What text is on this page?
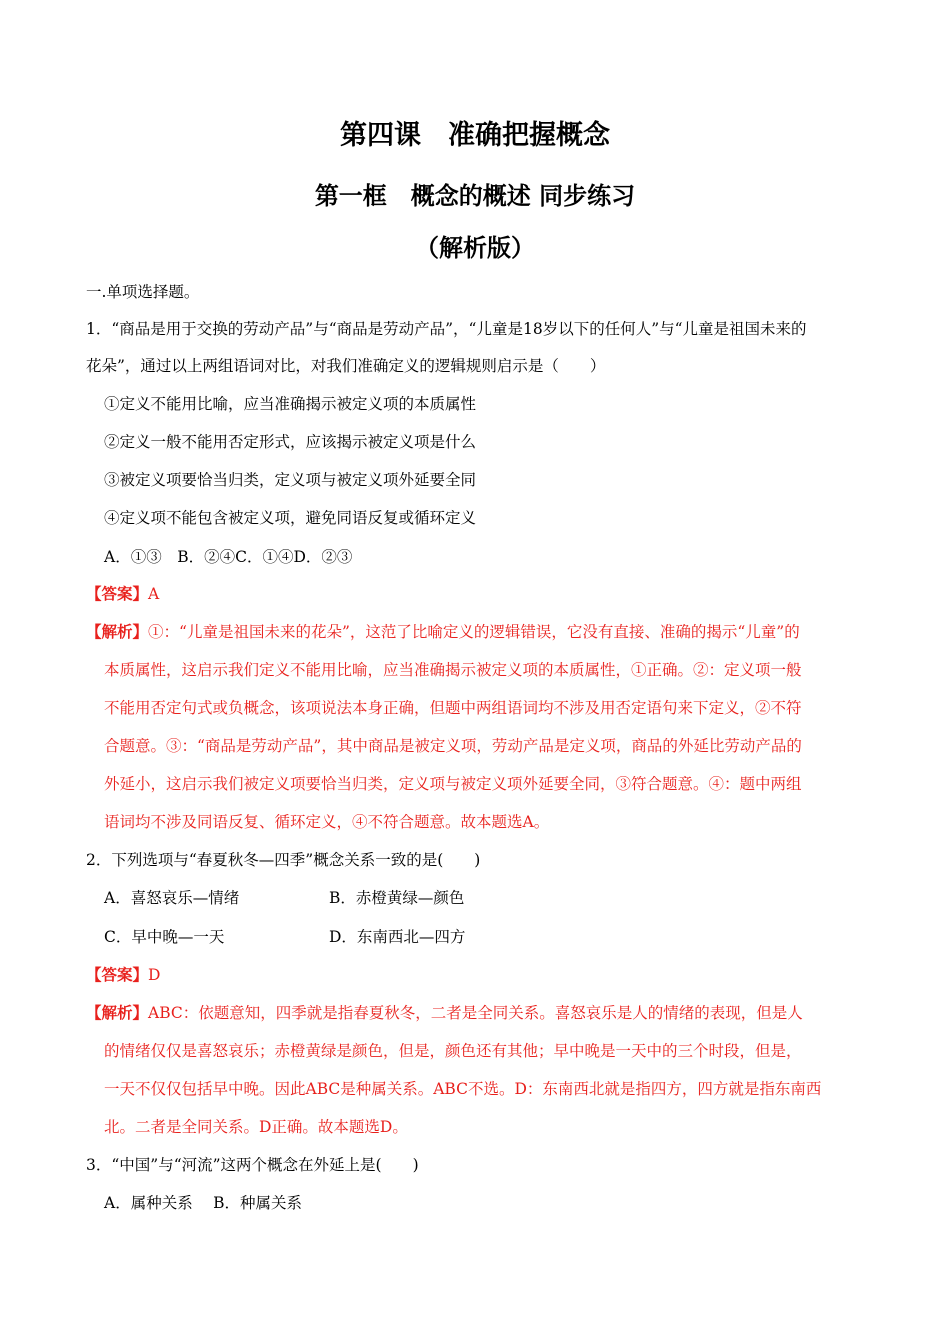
第四课　准确把握概念
第一框　概念的概述 同步练习
（解析版）
一.单项选择题。
1．“商品是用于交换的劳动产品”与“商品是劳动产品”，“儿童是18岁以下的任何人”与“儿童是祖国未来的
花朵”，通过以上两组语词对比，对我们准确定义的逻辑规则启示是（　　）
①定义不能用比喻，应当准确揭示被定义项的本质属性
②定义一般不能用否定形式，应该揭示被定义项是什么
③被定义项要恰当归类，定义项与被定义项外延要全同
④定义项不能包含被定义项，避免同语反复或循环定义
A．①③　B．②④C．①④D．②③
【答案】A
【解析】①：“儿童是祖国未来的花朵”，这范了比喻定义的逻辑错误，它没有直接、准确的揭示“儿童”的
本质属性，这启示我们定义不能用比喻，应当准确揭示被定义项的本质属性，①正确。②：定义项一般
不能用否定句式或负概念，该项说法本身正确，但题中两组语词均不涉及用否定语句来下定义，②不符
合题意。③：“商品是劳动产品”，其中商品是被定义项，劳动产品是定义项，商品的外延比劳动产品的
外延小，这启示我们被定义项要恰当归类，定义项与被定义项外延要全同，③符合题意。④：题中两组
语词均不涉及同语反复、循环定义，④不符合题意。故本题选A。
2．下列选项与“春夏秋冬—四季”概念关系一致的是(　　)
A．喜怒哀乐—情绪	B．赤橙黄绿—颜色
C．早中晚—一天	D．东南西北—四方
【答案】D
【解析】ABC：依题意知，四季就是指春夏秋冬，二者是全同关系。喜怒哀乐是人的情绪的表现，但是人
的情绪仅仅是喜怒哀乐；赤橙黄绿是颜色，但是，颜色还有其他；早中晚是一天中的三个时段，但是，
一天不仅仅包括早中晚。因此ABC是种属关系。ABC不选。D：东南西北就是指四方，四方就是指东南西
北。二者是全同关系。D正确。故本题选D。
3．“中国”与“河流”这两个概念在外延上是(　　)
A．属种关系　 B．种属关系
